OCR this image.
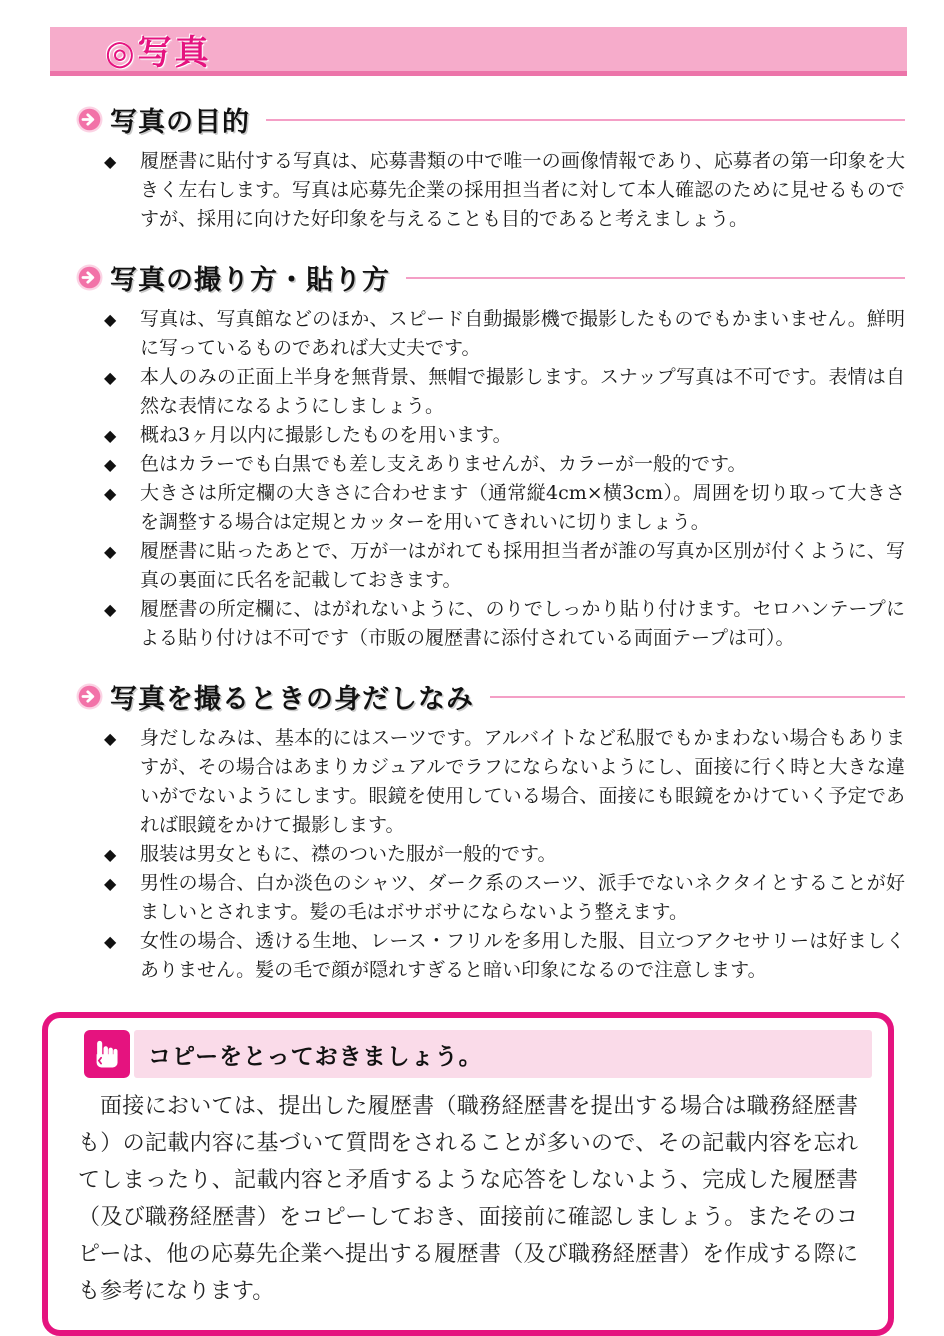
◎写真
写真の目的
◆	履歴書に貼付する写真は、応募書類の中で唯一の画像情報であり、応募者の第一印象を大きく左右します。写真は応募先企業の採用担当者に対して本人確認のために見せるものですが、採用に向けた好印象を与えることも目的であると考えましょう。
写真の撮り方・貼り方
◆	写真は、写真館などのほか、スピード自動撮影機で撮影したものでもかまいません。鮮明に写っているものであれば大丈夫です。
◆	本人のみの正面上半身を無背景、無帽で撮影します。スナップ写真は不可です。表情は自然な表情になるようにしましょう。
◆	概ね3ヶ月以内に撮影したものを用います。
◆	色はカラーでも白黒でも差し支えありませんが、カラーが一般的です。
◆	大きさは所定欄の大きさに合わせます（通常縦4cm×横3cm）。周囲を切り取って大きさを調整する場合は定規とカッターを用いてきれいに切りましょう。
◆	履歴書に貼ったあとで、万が一はがれても採用担当者が誰の写真か区別が付くように、写真の裏面に氏名を記載しておきます。
◆	履歴書の所定欄に、はがれないように、のりでしっかり貼り付けます。セロハンテープによる貼り付けは不可です（市販の履歴書に添付されている両面テープは可）。
写真を撮るときの身だしなみ
◆	身だしなみは、基本的にはスーツです。アルバイトなど私服でもかまわない場合もありますが、その場合はあまりカジュアルでラフにならないようにし、面接に行く時と大きな違いがでないようにします。眼鏡を使用している場合、面接にも眼鏡をかけていく予定であれば眼鏡をかけて撮影します。
◆	服装は男女ともに、襟のついた服が一般的です。
◆	男性の場合、白か淡色のシャツ、ダーク系のスーツ、派手でないネクタイとすることが好ましいとされます。髪の毛はボサボサにならないよう整えます。
◆	女性の場合、透ける生地、レース・フリルを多用した服、目立つアクセサリーは好ましくありません。髪の毛で顔が隠れすぎると暗い印象になるので注意します。
コピーをとっておきましょう。

面接においては、提出した履歴書（職務経歴書を提出する場合は職務経歴書も）の記載内容に基づいて質問をされることが多いので、その記載内容を忘れてしまったり、記載内容と矛盾するような応答をしないよう、完成した履歴書（及び職務経歴書）をコピーしておき、面接前に確認しましょう。またそのコピーは、他の応募先企業へ提出する履歴書（及び職務経歴書）を作成する際にも参考になります。
